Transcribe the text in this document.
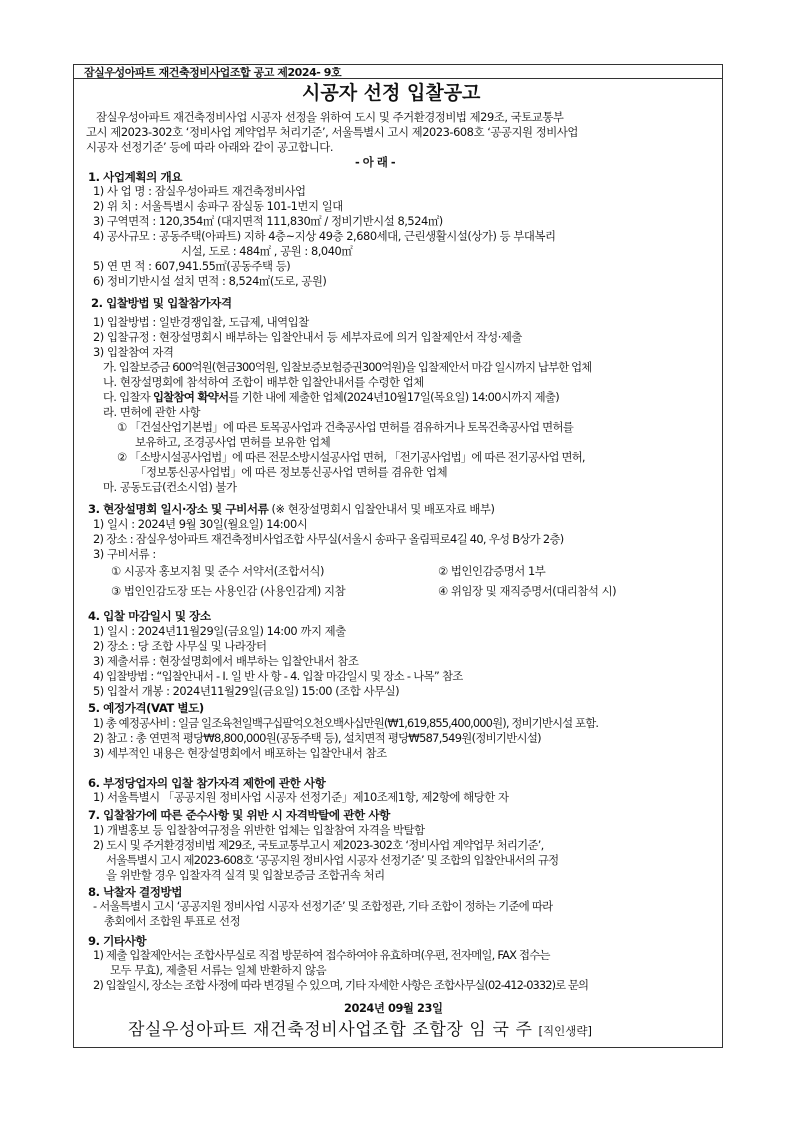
잠실우성아파트 재건축정비사업조합 공고 제2024- 9호
시공자 선정 입찰공고
잠실우성아파트 재건축정비사업 시공자 선정을 위하여 도시 및 주거환경정비법 제29조, 국토교통부
고시 제2023-302호 ‘정비사업 계약업무 처리기준’, 서울특별시 고시 제2023-608호 ‘공공지원 정비사업
시공자 선정기준’ 등에 따라 아래와 같이 공고합니다.
- 아 래 -
1. 사업계획의 개요
1) 사 업 명 : 잠실우성아파트 재건축정비사업
2) 위 치 : 서울특별시 송파구 잠실동 101-1번지 일대
3) 구역면적 : 120,354㎡ (대지면적 111,830㎡ / 정비기반시설 8,524㎡)
4) 공사규모 : 공동주택(아파트) 지하 4층~지상 49층 2,680세대, 근린생활시설(상가) 등 부대복리
시설, 도로 : 484㎡ , 공원 : 8,040㎡
5) 연 면 적 : 607,941.55㎡(공동주택 등)
6) 정비기반시설 설치 면적 : 8,524㎡(도로, 공원)
2. 입찰방법 및 입찰참가자격
1) 입찰방법 : 일반경쟁입찰, 도급제, 내역입찰
2) 입찰규정 : 현장설명회시 배부하는 입찰안내서 등 세부자료에 의거 입찰제안서 작성·제출
3) 입찰참여 자격
가. 입찰보증금 600억원(현금300억원, 입찰보증보험증권300억원)을 입찰제안서 마감 일시까지 납부한 업체
나. 현장설명회에 참석하여 조합이 배부한 입찰안내서를 수령한 업체
다. 입찰자 입찰참여 확약서를 기한 내에 제출한 업체(2024년10월17일(목요일) 14:00시까지 제출)
라. 면허에 관한 사항
① 「건설산업기본법」에 따른 토목공사업과 건축공사업 면허를 겸유하거나 토목건축공사업 면허를
보유하고, 조경공사업 면허를 보유한 업체
② 「소방시설공사업법」에 따른 전문소방시설공사업 면허, 「전기공사업법」에 따른 전기공사업 면허,
「정보통신공사업법」에 따른 정보통신공사업 면허를 겸유한 업체
마. 공동도급(컨소시엄) 불가
3. 현장설명회 일시·장소 및 구비서류 (※ 현장설명회시 입찰안내서 및 배포자료 배부)
1) 일시 : 2024년 9월 30일(월요일) 14:00시
2) 장소 : 잠실우성아파트 재건축정비사업조합 사무실(서울시 송파구 올림픽로4길 40, 우성 B상가 2층)
3) 구비서류 :
① 시공자 홍보지침 및 준수 서약서(조합서식)	② 법인인감증명서 1부
③ 법인인감도장 또는 사용인감 (사용인감계) 지참	④ 위임장 및 재직증명서(대리참석 시)
4. 입찰 마감일시 및 장소
1) 일시 : 2024년11월29일(금요일) 14:00 까지 제출
2) 장소 : 당 조합 사무실 및 나라장터
3) 제출서류 : 현장설명회에서 배부하는 입찰안내서 참조
4) 입찰방법 : “입찰안내서 - Ⅰ. 일 반 사 항 - 4. 입찰 마감일시 및 장소 - 나목” 참조
5) 입찰서 개봉 : 2024년11월29일(금요일) 15:00 (조합 사무실)
5. 예정가격(VAT 별도)
1) 총 예정공사비 : 일금 일조육천일백구십팔억오천오백사십만원(₩1,619,855,400,000원), 정비기반시설 포함.
2) 참고 : 총 연면적 평당₩8,800,000원(공동주택 등), 설치면적 평당₩587,549원(정비기반시설)
3) 세부적인 내용은 현장설명회에서 배포하는 입찰안내서 참조
6. 부정당업자의 입찰 참가자격 제한에 관한 사항
1) 서울특별시 「공공지원 정비사업 시공자 선정기준」제10조제1항, 제2항에 해당한 자
7. 입찰참가에 따른 준수사항 및 위반 시 자격박탈에 관한 사항
1) 개별홍보 등 입찰참여규정을 위반한 업체는 입찰참여 자격을 박탈함
2) 도시 및 주거환경정비법 제29조, 국토교통부고시 제2023-302호 ‘정비사업 계약업무 처리기준’,
서울특별시 고시 제2023-608호 ‘공공지원 정비사업 시공자 선정기준’ 및 조합의 입찰안내서의 규정
을 위반할 경우 입찰자격 실격 및 입찰보증금 조합귀속 처리
8. 낙찰자 결정방법
- 서울특별시 고시 ‘공공지원 정비사업 시공자 선정기준’ 및 조합정관, 기타 조합이 정하는 기준에 따라
총회에서 조합원 투표로 선정
9. 기타사항
1) 제출 입찰제안서는 조합사무실로 직접 방문하여 접수하여야 유효하며(우편, 전자메일, FAX 접수는
모두 무효), 제출된 서류는 일체 반환하지 않음
2) 입찰일시, 장소는 조합 사정에 따라 변경될 수 있으며, 기타 자세한 사항은 조합사무실(02-412-0332)로 문의
2024년 09월 23일
잠실우성아파트 재건축정비사업조합 조합장 임 국 주 [직인생략]
